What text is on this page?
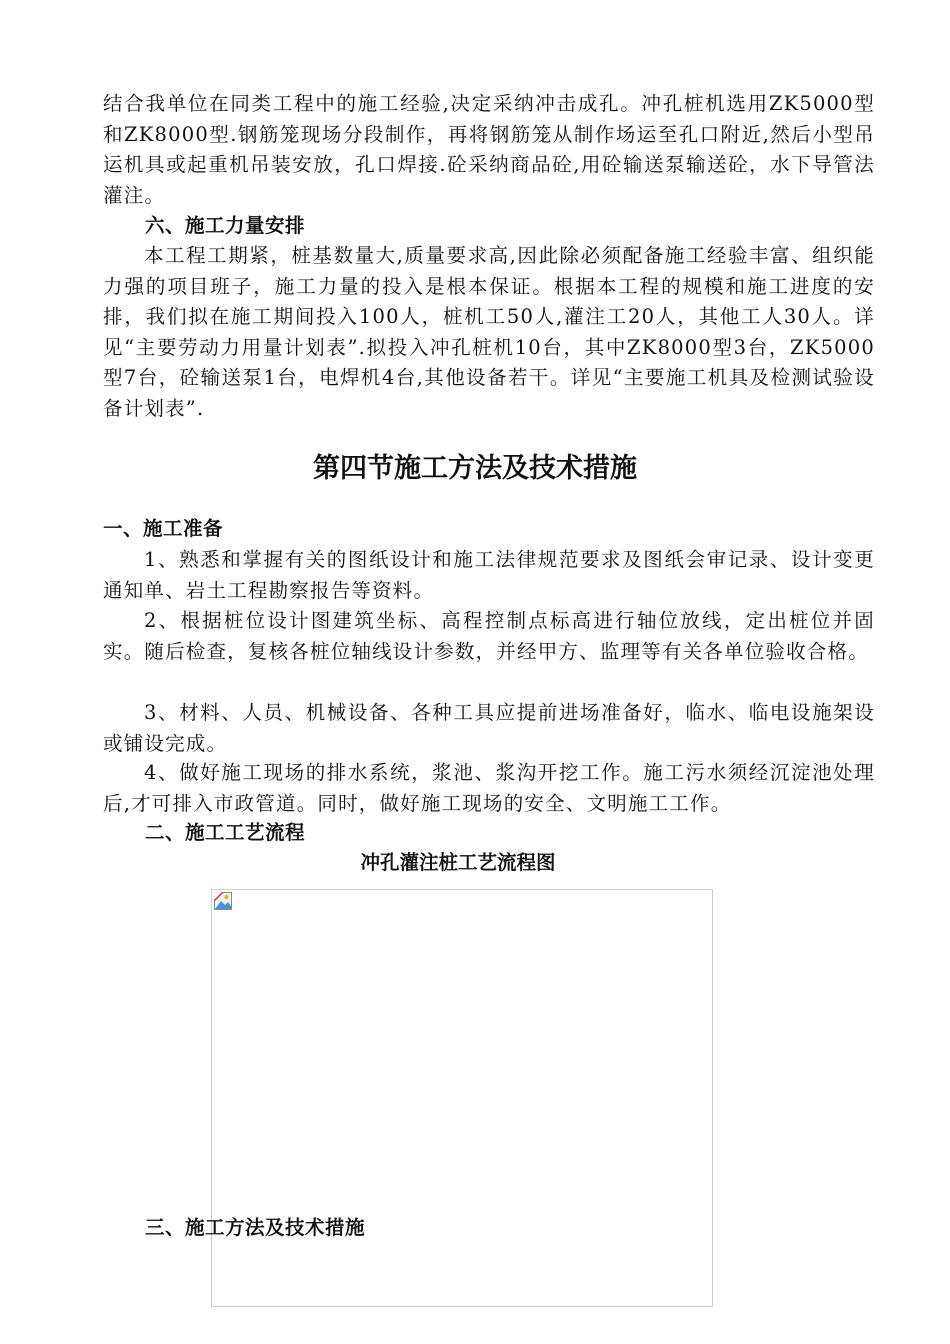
结合我单位在同类工程中的施工经验,决定采纳冲击成孔。冲孔桩机选用ZK5000型和ZK8000型.钢筋笼现场分段制作，再将钢筋笼从制作场运至孔口附近,然后小型吊运机具或起重机吊装安放，孔口焊接.砼采纳商品砼,用砼输送泵输送砼，水下导管法灌注。

六、施工力量安排

本工程工期紧，桩基数量大,质量要求高,因此除必须配备施工经验丰富、组织能力强的项目班子，施工力量的投入是根本保证。根据本工程的规模和施工进度的安排，我们拟在施工期间投入100人，桩机工50人,灌注工20人，其他工人30人。详见“主要劳动力用量计划表”.拟投入冲孔桩机10台，其中ZK8000型3台，ZK5000型7台，砼输送泵1台，电焊机4台,其他设备若干。详见“主要施工机具及检测试验设备计划表”.

第四节施工方法及技术措施

一、施工准备

1、熟悉和掌握有关的图纸设计和施工法律规范要求及图纸会审记录、设计变更通知单、岩土工程勘察报告等资料。

2、根据桩位设计图建筑坐标、高程控制点标高进行轴位放线，定出桩位并固实。随后检查，复核各桩位轴线设计参数，并经甲方、监理等有关各单位验收合格。

3、材料、人员、机械设备、各种工具应提前进场准备好，临水、临电设施架设或铺设完成。

4、做好施工现场的排水系统，浆池、浆沟开挖工作。施工污水须经沉淀池处理后,才可排入市政管道。同时，做好施工现场的安全、文明施工工作。

二、施工工艺流程

冲孔灌注桩工艺流程图

三、施工方法及技术措施
